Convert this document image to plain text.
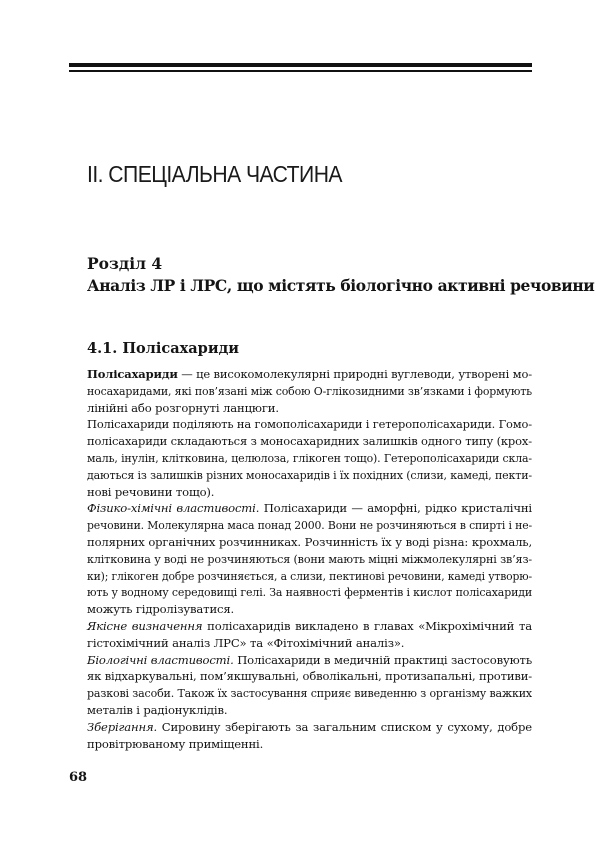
II. СПЕЦІАЛЬНА ЧАСТИНА
Розділ 4
Аналіз ЛР і ЛРС, що містять біологічно активні речовини
4.1. Полісахариди
Полісахариди — це високомолекулярні природні вуглеводи, утворені мо-
носахаридами, які пов’язані між собою О-глікозидними зв’язками і формують
лінійні або розгорнуті ланцюги.
Полісахариди поділяють на гомополісахариди і гетерополісахариди. Гомо-
полісахариди складаються з моносахаридних залишків одного типу (крох-
маль, інулін, клітковина, целюлоза, глікоген тощо). Гетерополісахариди скла-
даються із залишків різних моносахаридів і їх похідних (слизи, камеді, пекти-
нові речовини тощо).
Фізико-хімічні властивості. Полісахариди — аморфні, рідко кристалічні
речовини. Молекулярна маса понад 2000. Вони не розчиняються в спирті і не-
полярних органічних розчинниках. Розчинність їх у воді різна: крохмаль,
клітковина у воді не розчиняються (вони мають міцні міжмолекулярні зв’яз-
ки); глікоген добре розчиняється, а слизи, пектинові речовини, камеді утворю-
ють у водному середовищі гелі. За наявності ферментів і кислот полісахариди
можуть гідролізуватися.
Якісне визначення полісахаридів викладено в главах «Мікрохімічний та
гістохімічний аналіз ЛРС» та «Фітохімічний аналіз».
Біологічні властивості. Полісахариди в медичній практиці застосовують
як відхаркувальні, пом’якшувальні, обволікальні, протизапальні, противи-
разкові засоби. Також їх застосування сприяє виведенню з організму важких
металів і радіонуклідів.
Зберігання. Сировину зберігають за загальним списком у сухому, добре
провітрюваному приміщенні.
68
